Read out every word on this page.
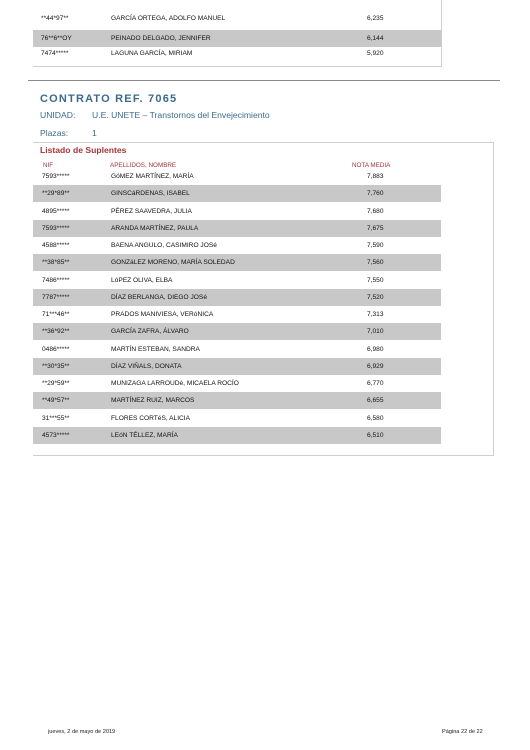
**44*97**	GARCÍA ORTEGA, ADOLFO MANUEL	6,235
76**6**OY	PEINADO DELGADO, JENNIFER	6,144
7474*****	LAGUNA GARCÍA, MIRIAM	5,920
CONTRATO REF. 7065
UNIDAD: U.E. UNETE – Transtornos del Envejecimiento
Plazas:	1
Listado de Suplentes
NIF	APELLIDOS, NOMBRE	NOTA MEDIA
7593*****	GóMEZ MARTÍNEZ, MARÍA	7,883
**29*89**	GINSCáRDENAS, ISABEL	7,760
4895*****	PÉREZ SAAVEDRA, JULIA	7,680
7593*****	ARANDA MARTÍNEZ, PAULA	7,675
4588*****	BAENA ANGULO, CASIMIRO JOSé	7,590
**38*85**	GONZáLEZ MORENO, MARÍA SOLEDAD	7,560
7486*****	LóPEZ OLIVA, ELBA	7,550
7787*****	DÍAZ BERLANGA, DIEGO JOSé	7,520
71***46**	PRADOS MANIVIESA, VERóNICA	7,313
**36*92**	GARCÍA ZAFRA, ÁLVARO	7,010
0486*****	MARTÍN ESTEBAN, SANDRA	6,980
**30*35**	DÍAZ VIÑALS, DONATA	6,929
**29*59**	MUNIZAGA LARROUDé, MICAELA ROCÍO	6,770
**49*57**	MARTÍNEZ RUIZ, MARCOS	6,655
31***55**	FLORES CORTéS, ALICIA	6,580
4573*****	LEóN TÉLLEZ, MARÍA	6,510
jueves, 2 de mayo de 2019	Página 22 de 22
